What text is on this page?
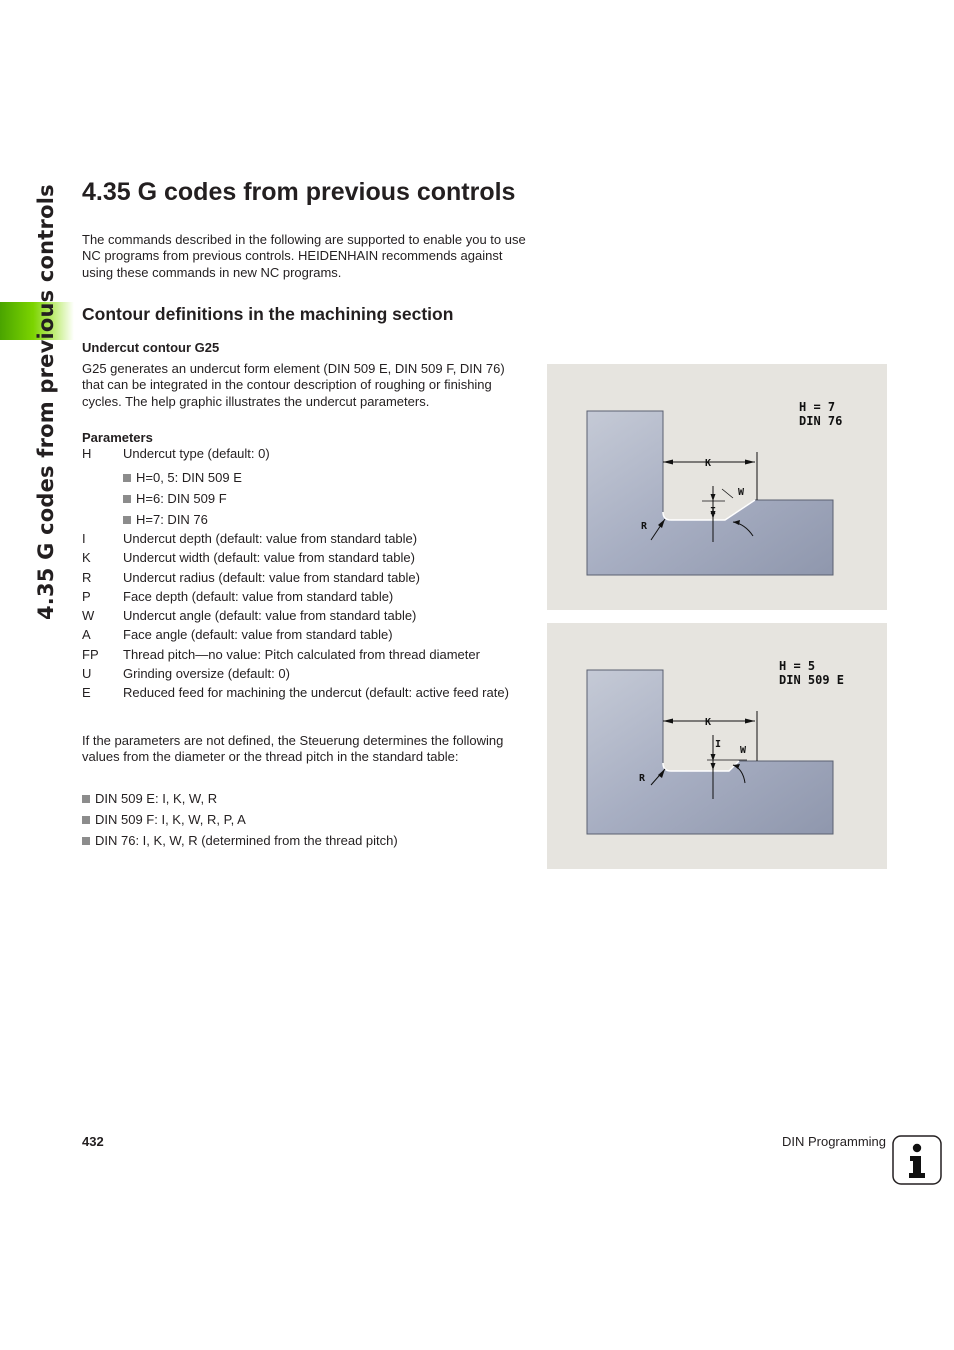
4.35 G codes from previous controls 4.35 G codes from previous controls

The commands described in the following are supported to enable you to use NC programs from previous controls. HEIDENHAIN recommends against using these commands in new NC programs.

Contour definitions in the machining section
Undercut contour G25

G25 generates an undercut form element (DIN 509 E, DIN 509 F, DIN 76) that can be integrated in the contour description of roughing or finishing cycles. The help graphic illustrates the undercut parameters.

Parameters
H	Undercut type (default: 0)
H=0, 5: DIN 509 E
H=6: DIN 509 F
H=7: DIN 76
I	Undercut depth (default: value from standard table)
K	Undercut width (default: value from standard table)
R	Undercut radius (default: value from standard table)
P	Face depth (default: value from standard table)
W	Undercut angle (default: value from standard table)
A	Face angle (default: value from standard table)
FP	Thread pitch—no value: Pitch calculated from thread diameter
U	Grinding oversize (default: 0)
E	Reduced feed for machining the undercut (default: active feed rate)

If the parameters are not defined, the Steuerung determines the following values from the diameter or the thread pitch in the standard table:

DIN 509 E: I, K, W, R
DIN 509 F: I, K, W, R, P, A
DIN 76: I, K, W, R (determined from the thread pitch)
H = 7
DIN 76
K
I
W
R
H = 5
DIN 509 E
K
I
W
R
432	DIN Programming
